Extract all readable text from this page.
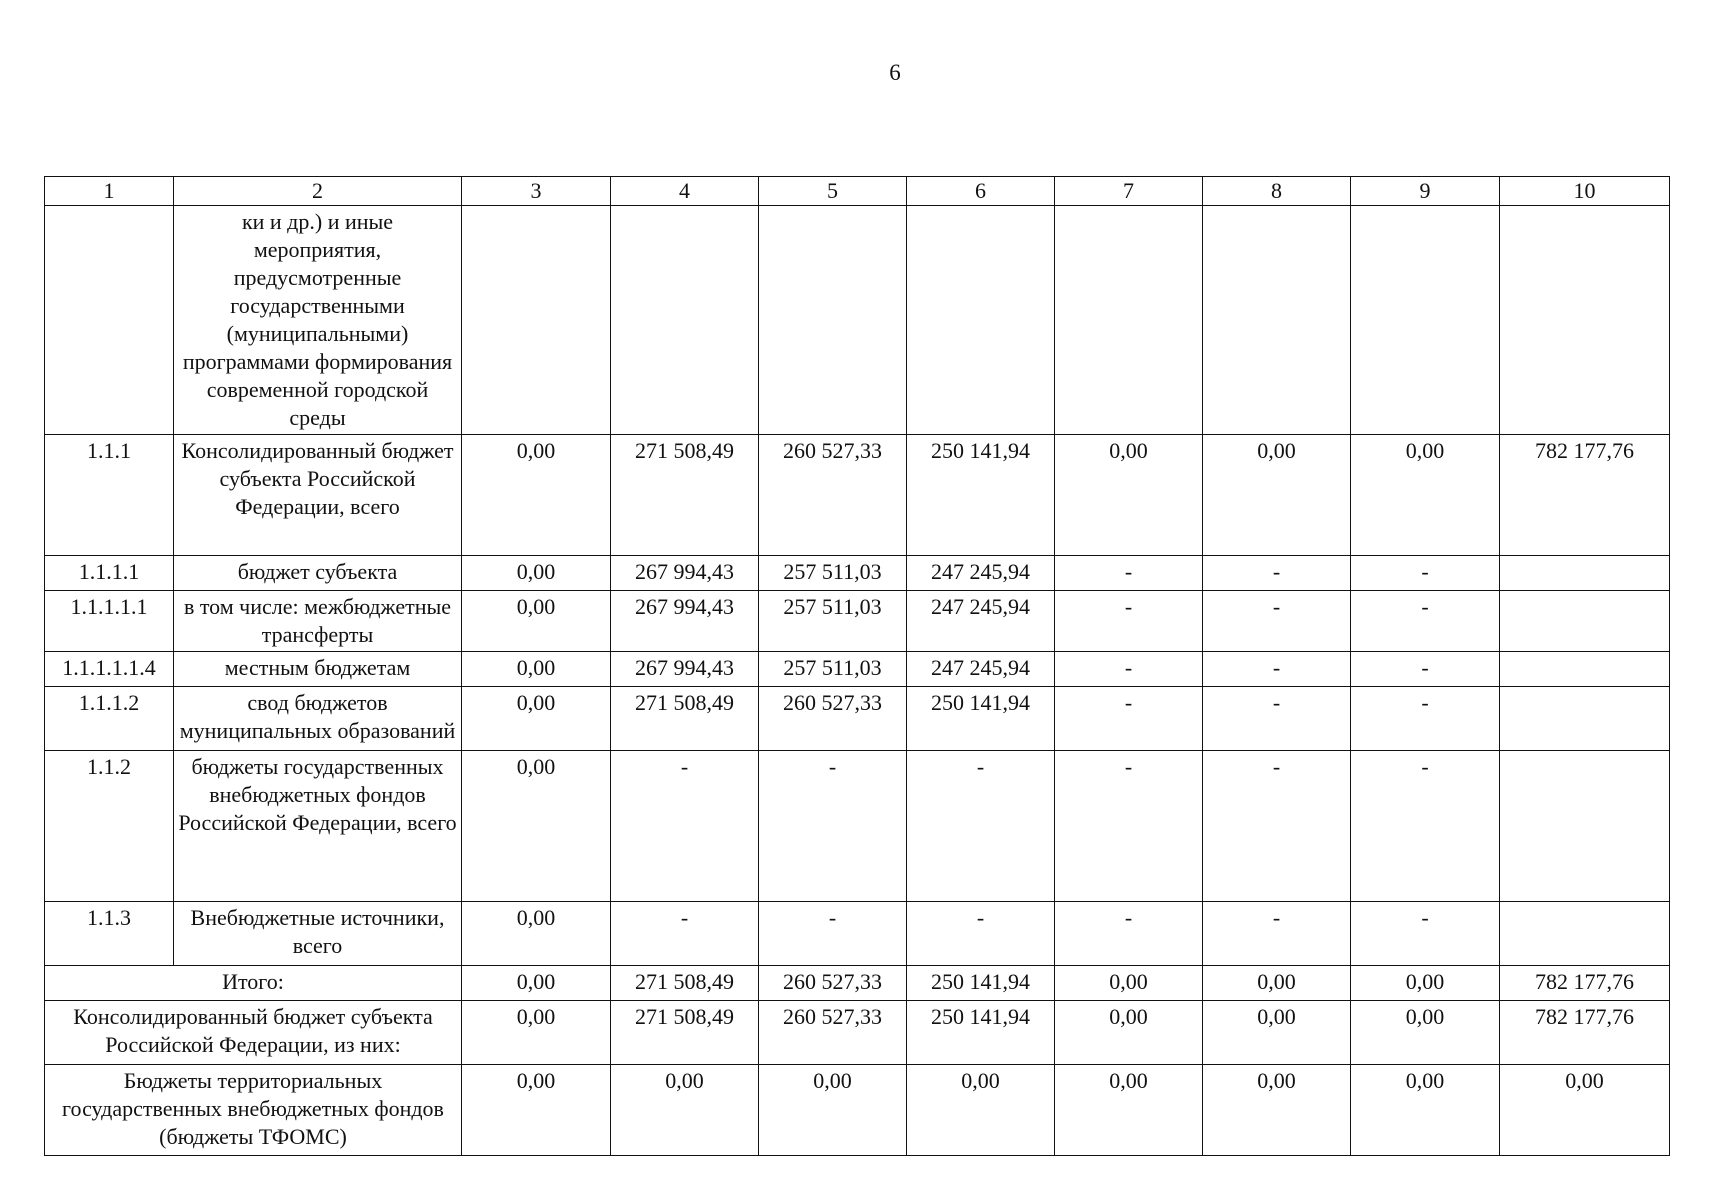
6
1	2	3	4	5	6	7	8	9	10
	ки и др.) и иные мероприятия, предусмотренные государственными (муниципальными) программами формирования современной городской среды								
1.1.1	Консолидированный бюджет субъекта Российской Федерации, всего	0,00	271 508,49	260 527,33	250 141,94	0,00	0,00	0,00	782 177,76
1.1.1.1	бюджет субъекта	0,00	267 994,43	257 511,03	247 245,94	-	-	-	
1.1.1.1.1	в том числе: межбюджетные трансферты	0,00	267 994,43	257 511,03	247 245,94	-	-	-	
1.1.1.1.1.4	местным бюджетам	0,00	267 994,43	257 511,03	247 245,94	-	-	-	
1.1.1.2	свод бюджетов муниципальных образований	0,00	271 508,49	260 527,33	250 141,94	-	-	-	
1.1.2	бюджеты государственных внебюджетных фондов Российской Федерации, всего	0,00	-	-	-	-	-	-	
1.1.3	Внебюджетные источники, всего	0,00	-	-	-	-	-	-	
Итого:		0,00	271 508,49	260 527,33	250 141,94	0,00	0,00	0,00	782 177,76
Консолидированный бюджет субъекта Российской Федерации, из них:		0,00	271 508,49	260 527,33	250 141,94	0,00	0,00	0,00	782 177,76
Бюджеты территориальных государственных внебюджетных фондов (бюджеты ТФОМС)		0,00	0,00	0,00	0,00	0,00	0,00	0,00	0,00
